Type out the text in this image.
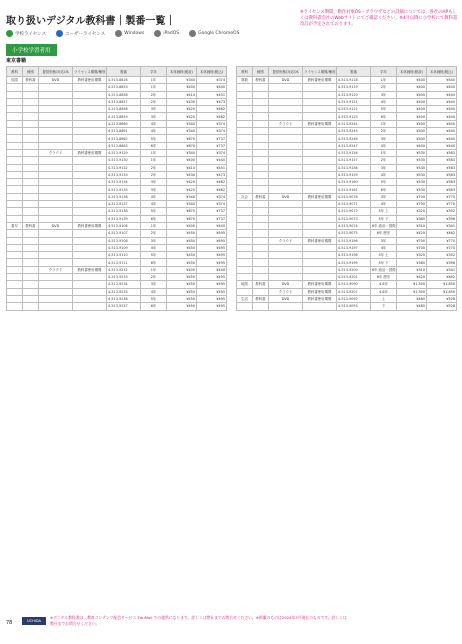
取り扱いデジタル教科書｜製番一覧｜
※ライセンス期間、動作対象OS・ブラウザなどの詳細については、各社のHPもしくは教科書会社のWebサイトにてご確認ください。※4月以降に小学校にて教科書改訂が予定されております。
学校ライセンス	ユーザーライセンス	Windows	iPadOS	Google ChromeOS
小学校学習者用
東京書籍
教科	種別	提供形態/対応OS	ライセンス期間/種別	製番	学年	本体価格(税抜)	本体価格(税込)
国語	教科書	DVD	教科書使用期間	4-513-8816	1年	¥340	¥374
				4-513-8853	1年	¥400	¥440
				4-513-8858	2年	¥410	¥451
				4-513-8857	2年	¥430	¥473
				4-513-8858	3年	¥420	¥462
				4-513-8859	3年	¥420	¥462
				4-513-8860	4年	¥340	¥374
				4-513-8861	4年	¥340	¥374
				4-513-8862	5年	¥670	¥737
				4-513-8863	6年	¥670	¥737
		クラウド	教科書使用期間	4-513-9129	1年	¥340	¥374
				4-513-9130	1年	¥400	¥440
				4-513-9132	2年	¥410	¥451
				4-513-9133	2年	¥430	¥473
				4-513-9134	3年	¥420	¥462
				4-513-9135	3年	¥420	¥462
				4-513-9136	4年	¥340	¥374
				4-513-9137	4年	¥340	¥374
				4-513-9138	5年	¥670	¥737
				4-513-9139	6年	¥670	¥737
書写	教科書	DVD	教科書使用期間	4-513-9106	1年	¥400	¥440
				4-513-9107	2年	¥450	¥495
				4-513-9108	3年	¥450	¥495
				4-513-9109	4年	¥450	¥495
				4-513-9110	5年	¥450	¥495
				4-513-9111	6年	¥450	¥495
		クラウド	教科書使用期間	4-513-9232	1年	¥400	¥440
				4-513-9233	2年	¥450	¥495
				4-513-9234	3年	¥450	¥495
				4-513-9235	4年	¥450	¥495
				4-513-9236	5年	¥450	¥495
				4-513-9237	6年	¥450	¥495
教科	種別	提供形態/対応OS	ライセンス期間/種別	製番	学年	本体価格(税抜)	本体価格(税込)
算数	教科書	DVD	教科書使用期間	4-513-9118	1年	¥400	¥440
				4-513-9119	2年	¥400	¥440
				4-513-9120	3年	¥400	¥440
				4-513-9121	4年	¥400	¥440
				4-513-9122	5年	¥400	¥440
				4-513-9123	6年	¥400	¥440
		クラウド	教科書使用期間	4-513-9244	1年	¥400	¥440
				4-513-9245	2年	¥400	¥440
				4-513-9246	3年	¥400	¥440
				4-513-9247	4年	¥400	¥440
				4-513-9156	1年	¥530	¥583
				4-513-9157	2年	¥530	¥583
				4-513-9158	3年	¥530	¥583
				4-513-9159	4年	¥530	¥583
				4-513-9160	5年	¥530	¥583
				4-513-9161	6年	¥530	¥583
社会	教科書	DVD	教科書使用期間	4-513-9076	3年	¥700	¥770
				4-513-9071	4年	¥700	¥770
				4-513-9072	5年 上	¥320	¥352
				4-513-9073	5年 下	¥360	¥396
				4-513-9074	6年 政治・国際	¥310	¥341
				4-513-9075	6年 歴史	¥420	¥462
		クラウド	教科書使用期間	4-513-9196	3年	¥700	¥770
				4-513-9197	4年	¥700	¥770
				4-513-9198	5年 上	¥320	¥352
				4-513-9199	5年 下	¥360	¥396
				4-513-9200	6年 政治・国際	¥310	¥341
				4-513-9201	6年 歴史	¥420	¥462
地図	教科書	DVD	教科書使用期間	4-513-9090	4-6年	¥1,500	¥1,650
		クラウド	教科書使用期間	4-513-9207	4-6年	¥1,500	¥1,650
生活	教科書	DVD	教科書使用期間	4-513-9092	上	¥480	¥528
				4-513-9093	下	¥480	¥528
78	UCHIDA
※デジタル教科書は、教育コンテンツ配信サービス EduMall での提供になります。詳しくは弊社までお問合せください。※掲載のものは2024年3月現在のものです。詳しくは弊社までお問合せください。
